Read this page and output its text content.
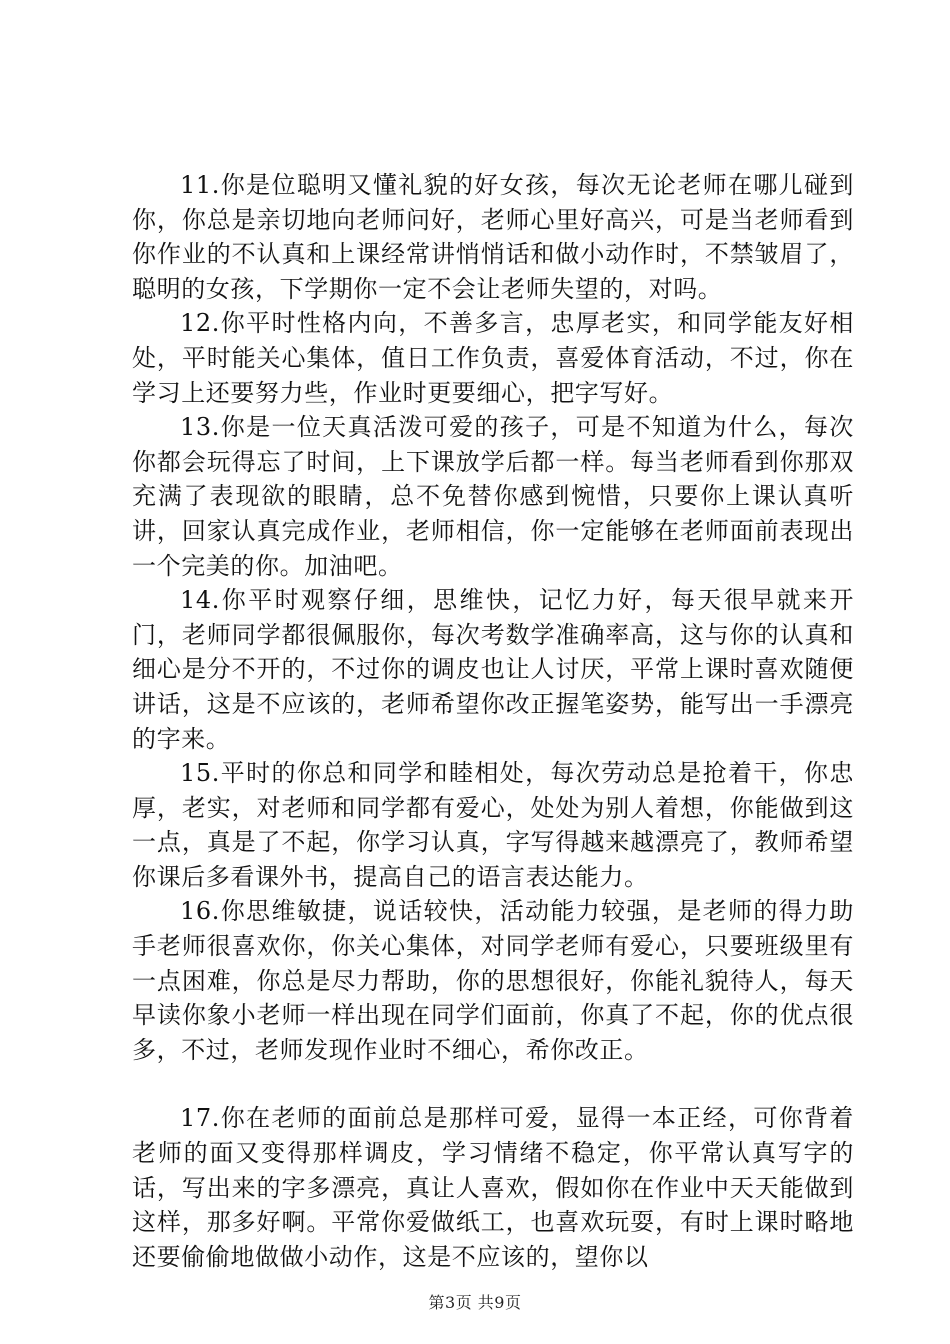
11.你是位聪明又懂礼貌的好女孩，每次无论老师在哪儿碰到你，你总是亲切地向老师问好，老师心里好高兴，可是当老师看到你作业的不认真和上课经常讲悄悄话和做小动作时，不禁皱眉了，聪明的女孩，下学期你一定不会让老师失望的，对吗。

12.你平时性格内向，不善多言，忠厚老实，和同学能友好相处，平时能关心集体，值日工作负责，喜爱体育活动，不过，你在学习上还要努力些，作业时更要细心，把字写好。

13.你是一位天真活泼可爱的孩子，可是不知道为什么，每次你都会玩得忘了时间，上下课放学后都一样。每当老师看到你那双充满了表现欲的眼睛，总不免替你感到惋惜，只要你上课认真听讲，回家认真完成作业，老师相信，你一定能够在老师面前表现出一个完美的你。加油吧。

14.你平时观察仔细，思维快，记忆力好，每天很早就来开门，老师同学都很佩服你，每次考数学准确率高，这与你的认真和细心是分不开的，不过你的调皮也让人讨厌，平常上课时喜欢随便讲话，这是不应该的，老师希望你改正握笔姿势，能写出一手漂亮的字来。

15.平时的你总和同学和睦相处，每次劳动总是抢着干，你忠厚，老实，对老师和同学都有爱心，处处为别人着想，你能做到这一点，真是了不起，你学习认真，字写得越来越漂亮了，教师希望你课后多看课外书，提高自己的语言表达能力。

16.你思维敏捷，说话较快，活动能力较强，是老师的得力助手老师很喜欢你，你关心集体，对同学老师有爱心，只要班级里有一点困难，你总是尽力帮助，你的思想很好，你能礼貌待人，每天早读你象小老师一样出现在同学们面前，你真了不起，你的优点很多，不过，老师发现作业时不细心，希你改正。

17.你在老师的面前总是那样可爱，显得一本正经，可你背着老师的面又变得那样调皮，学习情绪不稳定，你平常认真写字的话，写出来的字多漂亮，真让人喜欢，假如你在作业中天天能做到这样，那多好啊。平常你爱做纸工，也喜欢玩耍，有时上课时略地还要偷偷地做做小动作，这是不应该的，望你以

第3页 共9页
